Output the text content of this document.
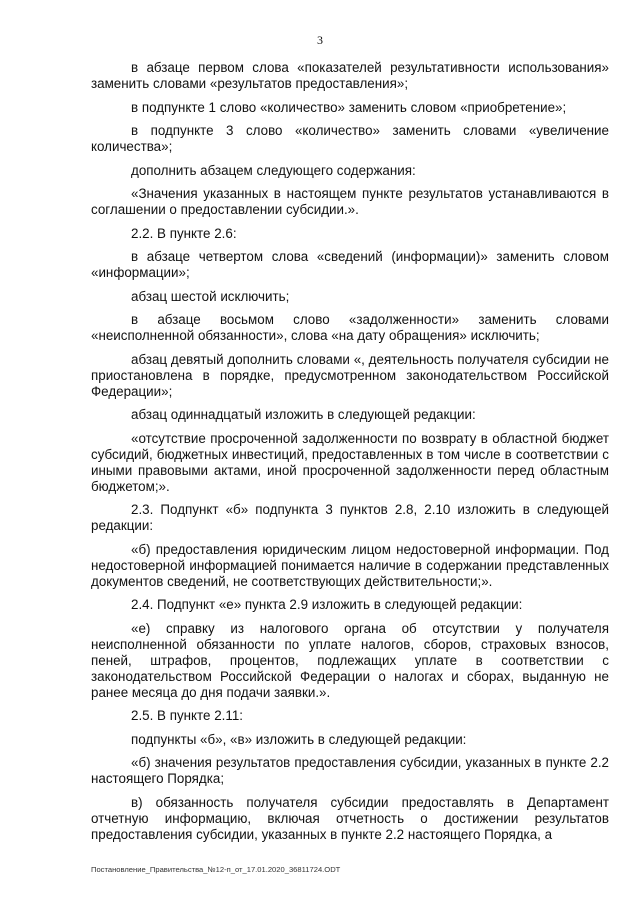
3

в абзаце первом слова «показателей результативности использования» заменить словами «результатов предоставления»;

в подпункте 1 слово «количество» заменить словом «приобретение»;

в подпункте 3 слово «количество» заменить словами «увеличение количества»;

дополнить абзацем следующего содержания:

«Значения указанных в настоящем пункте результатов устанавливаются в соглашении о предоставлении субсидии.».

2.2. В пункте 2.6:

в абзаце четвертом слова «сведений (информации)» заменить словом «информации»;

абзац шестой исключить;

в абзаце восьмом слово «задолженности» заменить словами «неисполненной обязанности», слова «на дату обращения» исключить;

абзац девятый дополнить словами «, деятельность получателя субсидии не приостановлена в порядке, предусмотренном законодательством Российской Федерации»;

абзац одиннадцатый изложить в следующей редакции:

«отсутствие просроченной задолженности по возврату в областной бюджет субсидий, бюджетных инвестиций, предоставленных в том числе в соответствии с иными правовыми актами, иной просроченной задолженности перед областным бюджетом;».

2.3. Подпункт «б» подпункта 3 пунктов 2.8, 2.10 изложить в следующей редакции:

«б) предоставления юридическим лицом недостоверной информации. Под недостоверной информацией понимается наличие в содержании представленных документов сведений, не соответствующих действительности;».

2.4. Подпункт «е» пункта 2.9 изложить в следующей редакции:

«е) справку из налогового органа об отсутствии у получателя неисполненной обязанности по уплате налогов, сборов, страховых взносов, пеней, штрафов, процентов, подлежащих уплате в соответствии с законодательством Российской Федерации о налогах и сборах, выданную не ранее месяца до дня подачи заявки.».

2.5. В пункте 2.11:

подпункты «б», «в» изложить в следующей редакции:

«б) значения результатов предоставления субсидии, указанных в пункте 2.2 настоящего Порядка;

в) обязанность получателя субсидии предоставлять в Департамент отчетную информацию, включая отчетность о достижении результатов предоставления субсидии, указанных в пункте 2.2 настоящего Порядка, а

Постановление_Правительства_№12-п_от_17.01.2020_36811724.ODT
